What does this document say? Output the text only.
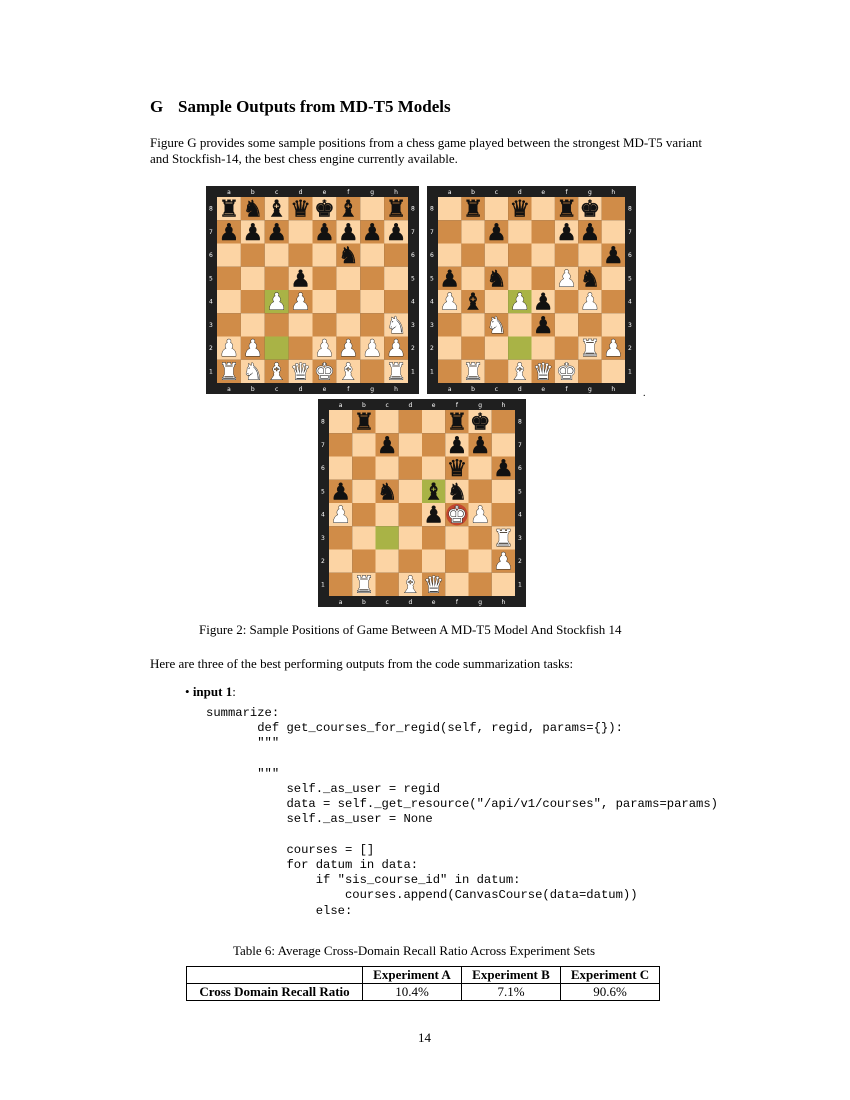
G Sample Outputs from MD-T5 Models
Figure G provides some sample positions from a chess game played between the strongest MD-T5 variant and Stockfish-14, the best chess engine currently available.
a
a
b
b
c
c
d
d
e
e
f
f
g
g
h
h
8	8
7	7
6	6
5	5
4	4
3	3
2	2
1	1
♜ ♞ ♝ ♛ ♚ ♝ ♜
♟ ♟ ♟ ♟ ♟ ♟ ♟
♞
♟
♟ ♟
♞
♟ ♟ ♟ ♟ ♟ ♟
♜ ♞ ♝ ♛ ♚ ♝ ♜
a
a
b
b
c
c
d
d
e
e
f
f
g
g
h
h
8	8
7	7
6	6
5	5
4	4
3	3
2	2
1	1
♜ ♛ ♜ ♚
♟ ♟ ♟
♟
♟ ♞ ♟ ♞
♟ ♝ ♟ ♟ ♟
♞ ♟
♜ ♟
♜ ♝ ♛ ♚
a
a
b
b
c
c
d
d
e
e
f
f
g
g
h
h
8	8
7	7
6	6
5	5
4	4
3	3
2	2
1	1
♜	♜ ♚
♟ ♟ ♟
♛ ♟
♟ ♞ ♝ ♞
♟	♟ ♚ ♟
♜
♟
♜ ♝ ♛
.
Figure 2: Sample Positions of Game Between A MD-T5 Model And Stockfish 14
Here are three of the best performing outputs from the code summarization tasks:
• input 1:
summarize:
def get_courses_for_regid(self, regid, params={}):
"""

"""
self._as_user = regid
data = self._get_resource("/api/v1/courses", params=params)
self._as_user = None

courses = []
for datum in data:
if "sis_course_id" in datum:
courses.append(CanvasCourse(data=datum))
else:
Table 6: Average Cross-Domain Recall Ratio Across Experiment Sets
	Experiment A	Experiment B	Experiment C
Cross Domain Recall Ratio	10.4%	7.1%	90.6%
14
